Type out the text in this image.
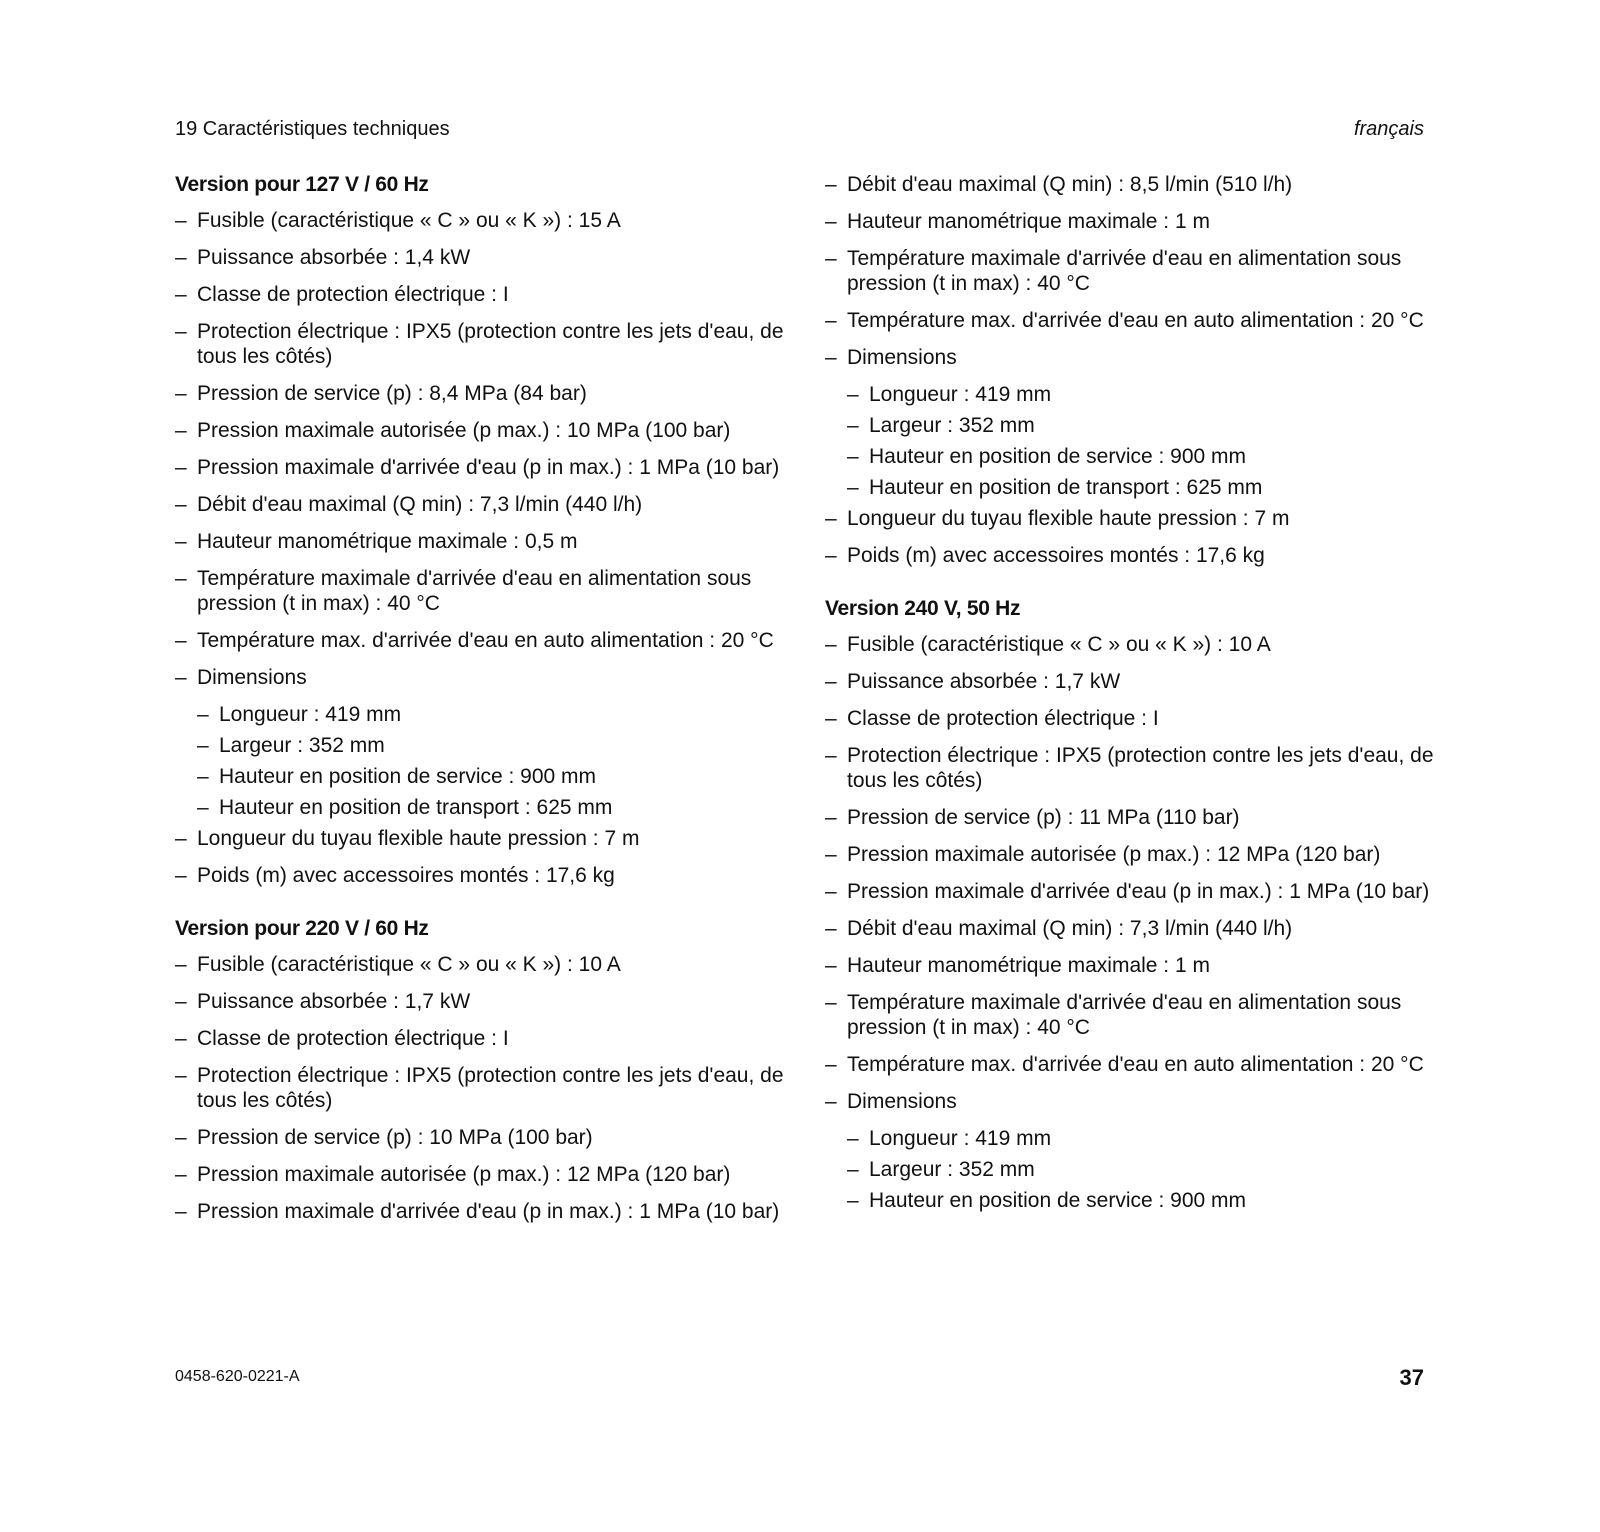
19 Caractéristiques techniques	français
Version pour 127 V / 60 Hz
– Fusible (caractéristique « C » ou « K ») : 15 A
– Puissance absorbée : 1,4 kW
– Classe de protection électrique : I
– Protection électrique : IPX5 (protection contre les jets d'eau, de tous les côtés)
– Pression de service (p) : 8,4 MPa (84 bar)
– Pression maximale autorisée (p max.) : 10 MPa (100 bar)
– Pression maximale d'arrivée d'eau (p in max.) : 1 MPa (10 bar)
– Débit d'eau maximal (Q min) : 7,3 l/min (440 l/h)
– Hauteur manométrique maximale : 0,5 m
– Température maximale d'arrivée d'eau en alimentation sous pression (t in max) : 40 °C
– Température max. d'arrivée d'eau en auto alimentation : 20 °C
– Dimensions
– Longueur : 419 mm
– Largeur : 352 mm
– Hauteur en position de service : 900 mm
– Hauteur en position de transport : 625 mm
– Longueur du tuyau flexible haute pression : 7 m
– Poids (m) avec accessoires montés : 17,6 kg
Version pour 220 V / 60 Hz
– Fusible (caractéristique « C » ou « K ») : 10 A
– Puissance absorbée : 1,7 kW
– Classe de protection électrique : I
– Protection électrique : IPX5 (protection contre les jets d'eau, de tous les côtés)
– Pression de service (p) : 10 MPa (100 bar)
– Pression maximale autorisée (p max.) : 12 MPa (120 bar)
– Pression maximale d'arrivée d'eau (p in max.) : 1 MPa (10 bar)
– Débit d'eau maximal (Q min) : 8,5 l/min (510 l/h)
– Hauteur manométrique maximale : 1 m
– Température maximale d'arrivée d'eau en alimentation sous pression (t in max) : 40 °C
– Température max. d'arrivée d'eau en auto alimentation : 20 °C
– Dimensions
– Longueur : 419 mm
– Largeur : 352 mm
– Hauteur en position de service : 900 mm
– Hauteur en position de transport : 625 mm
– Longueur du tuyau flexible haute pression : 7 m
– Poids (m) avec accessoires montés : 17,6 kg
Version 240 V, 50 Hz
– Fusible (caractéristique « C » ou « K ») : 10 A
– Puissance absorbée : 1,7 kW
– Classe de protection électrique : I
– Protection électrique : IPX5 (protection contre les jets d'eau, de tous les côtés)
– Pression de service (p) : 11 MPa (110 bar)
– Pression maximale autorisée (p max.) : 12 MPa (120 bar)
– Pression maximale d'arrivée d'eau (p in max.) : 1 MPa (10 bar)
– Débit d'eau maximal (Q min) : 7,3 l/min (440 l/h)
– Hauteur manométrique maximale : 1 m
– Température maximale d'arrivée d'eau en alimentation sous pression (t in max) : 40 °C
– Température max. d'arrivée d'eau en auto alimentation : 20 °C
– Dimensions
– Longueur : 419 mm
– Largeur : 352 mm
– Hauteur en position de service : 900 mm
0458-620-0221-A	37
